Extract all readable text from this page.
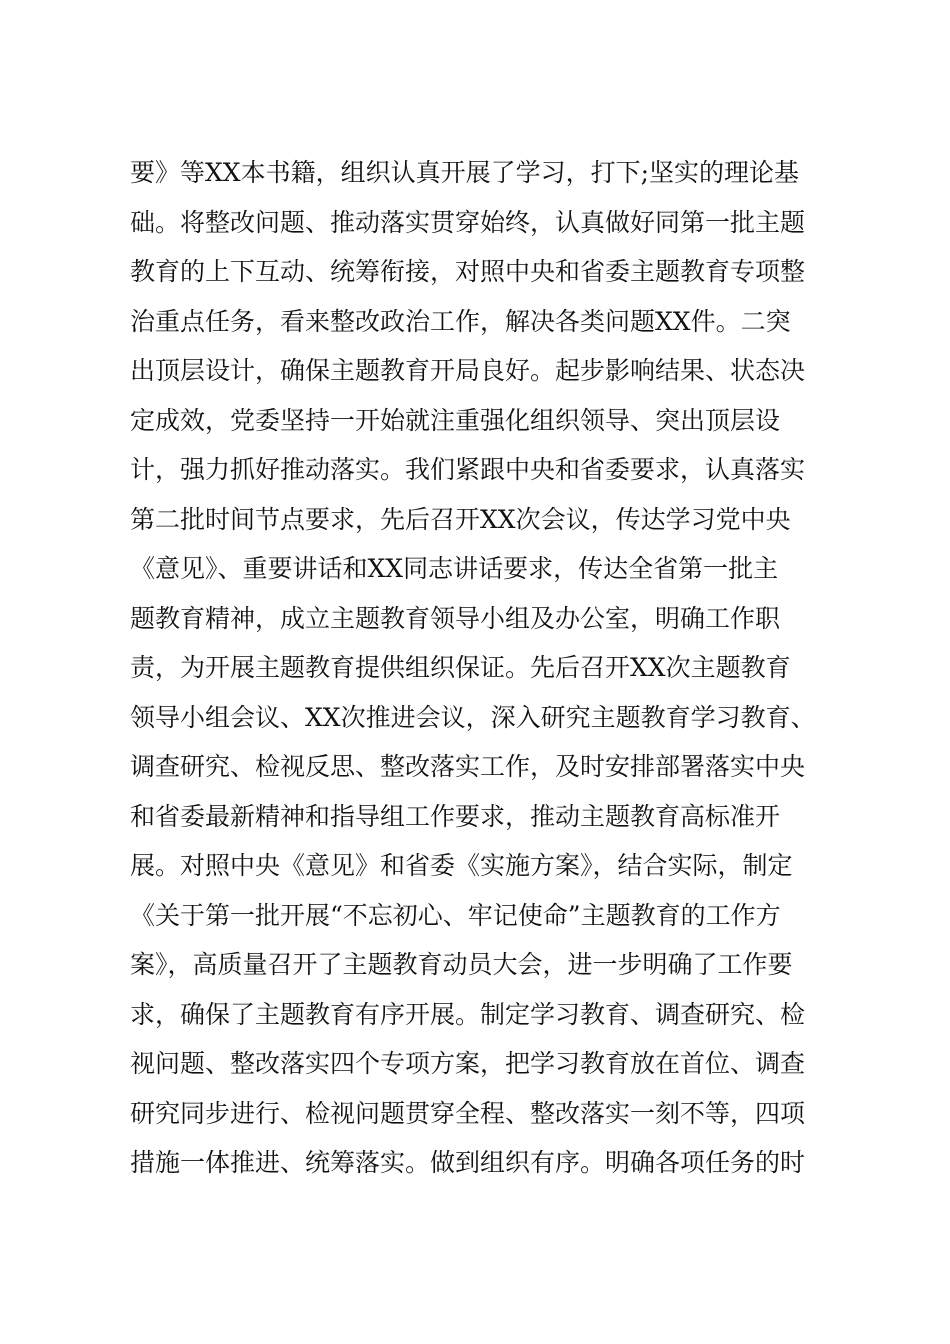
要》等XX本书籍，组织认真开展了学习，打下;坚实的理论基
础。将整改问题、推动落实贯穿始终，认真做好同第一批主题
教育的上下互动、统筹衔接，对照中央和省委主题教育专项整
治重点任务，看来整改政治工作，解决各类问题XX件。二突
出顶层设计，确保主题教育开局良好。起步影响结果、状态决
定成效，党委坚持一开始就注重强化组织领导、突出顶层设
计，强力抓好推动落实。我们紧跟中央和省委要求，认真落实
第二批时间节点要求，先后召开XX次会议，传达学习党中央
《意见》、重要讲话和XX同志讲话要求，传达全省第一批主
题教育精神，成立主题教育领导小组及办公室，明确工作职
责，为开展主题教育提供组织保证。先后召开XX次主题教育
领导小组会议、XX次推进会议，深入研究主题教育学习教育、
调查研究、检视反思、整改落实工作，及时安排部署落实中央
和省委最新精神和指导组工作要求，推动主题教育高标准开
展。对照中央《意见》和省委《实施方案》，结合实际，制定
《关于第一批开展“不忘初心、牢记使命”主题教育的工作方
案》，高质量召开了主题教育动员大会，进一步明确了工作要
求，确保了主题教育有序开展。制定学习教育、调查研究、检
视问题、整改落实四个专项方案，把学习教育放在首位、调查
研究同步进行、检视问题贯穿全程、整改落实一刻不等，四项
措施一体推进、统筹落实。做到组织有序。明确各项任务的时
